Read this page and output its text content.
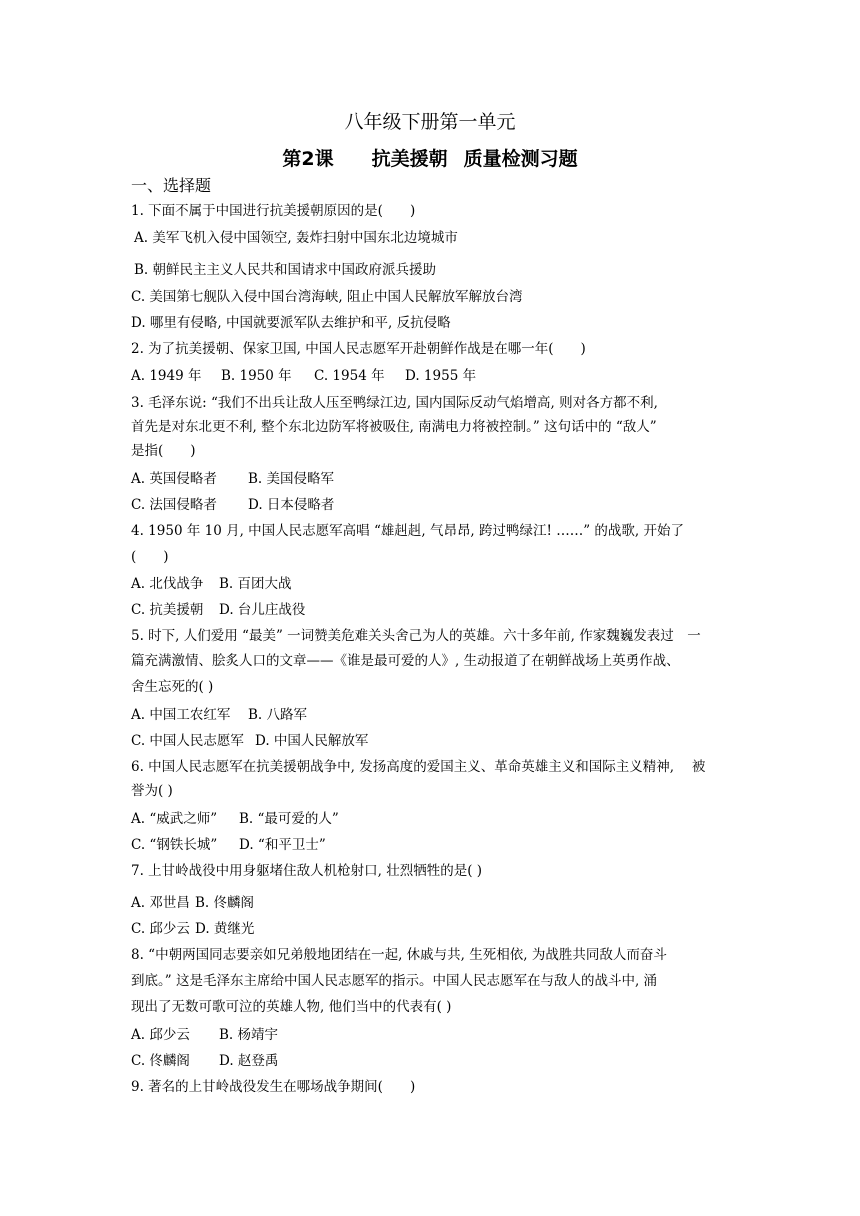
八年级下册第一单元
第2课 抗美援朝 质量检测习题
一、选择题
1. 下面不属于中国进行抗美援朝原因的是(　　)
A. 美军飞机入侵中国领空, 轰炸扫射中国东北边境城市
B. 朝鲜民主主义人民共和国请求中国政府派兵援助
C. 美国第七舰队入侵中国台湾海峡, 阻止中国人民解放军解放台湾
D. 哪里有侵略, 中国就要派军队去维护和平, 反抗侵略
2. 为了抗美援朝、保家卫国, 中国人民志愿军开赴朝鲜作战是在哪一年(　　)
A. 1949 年 B. 1950 年 C. 1954 年 D. 1955 年
3. 毛泽东说: “我们不出兵让敌人压至鸭绿江边, 国内国际反动气焰增高, 则对各方都不利,
首先是对东北更不利, 整个东北边防军将被吸住, 南满电力将被控制。” 这句话中的 “敌人”
是指(　　)
A. 英国侵略者 B. 美国侵略军
C. 法国侵略者 D. 日本侵略者
4. 1950 年 10 月, 中国人民志愿军高唱 “雄赳赳, 气昂昂, 跨过鸭绿江! ……” 的战歌, 开始了
(　　)
A. 北伐战争 B. 百团大战
C. 抗美援朝 D. 台儿庄战役
5. 时下, 人们爱用 “最美” 一词赞美危难关头舍己为人的英雄。六十多年前, 作家魏巍发表过　一
篇充满激情、脍炙人口的文章——《谁是最可爱的人》, 生动报道了在朝鲜战场上英勇作战、
舍生忘死的( )
A. 中国工农红军 B. 八路军
C. 中国人民志愿军 D. 中国人民解放军
6. 中国人民志愿军在抗美援朝战争中, 发扬高度的爱国主义、革命英雄主义和国际主义精神,　 被
誉为( )
A. “威武之师” B. “最可爱的人”
C. “钢铁长城” D. “和平卫士”
7. 上甘岭战役中用身躯堵住敌人机枪射口, 壮烈牺牲的是( )
A. 邓世昌 B. 佟麟阁
C. 邱少云 D. 黄继光
8. “中朝两国同志要亲如兄弟般地团结在一起, 休戚与共, 生死相依, 为战胜共同敌人而奋斗
到底。” 这是毛泽东主席给中国人民志愿军的指示。中国人民志愿军在与敌人的战斗中, 涌
现出了无数可歌可泣的英雄人物, 他们当中的代表有( )
A. 邱少云 B. 杨靖宇
C. 佟麟阁 D. 赵登禹
9. 著名的上甘岭战役发生在哪场战争期间(　　)
